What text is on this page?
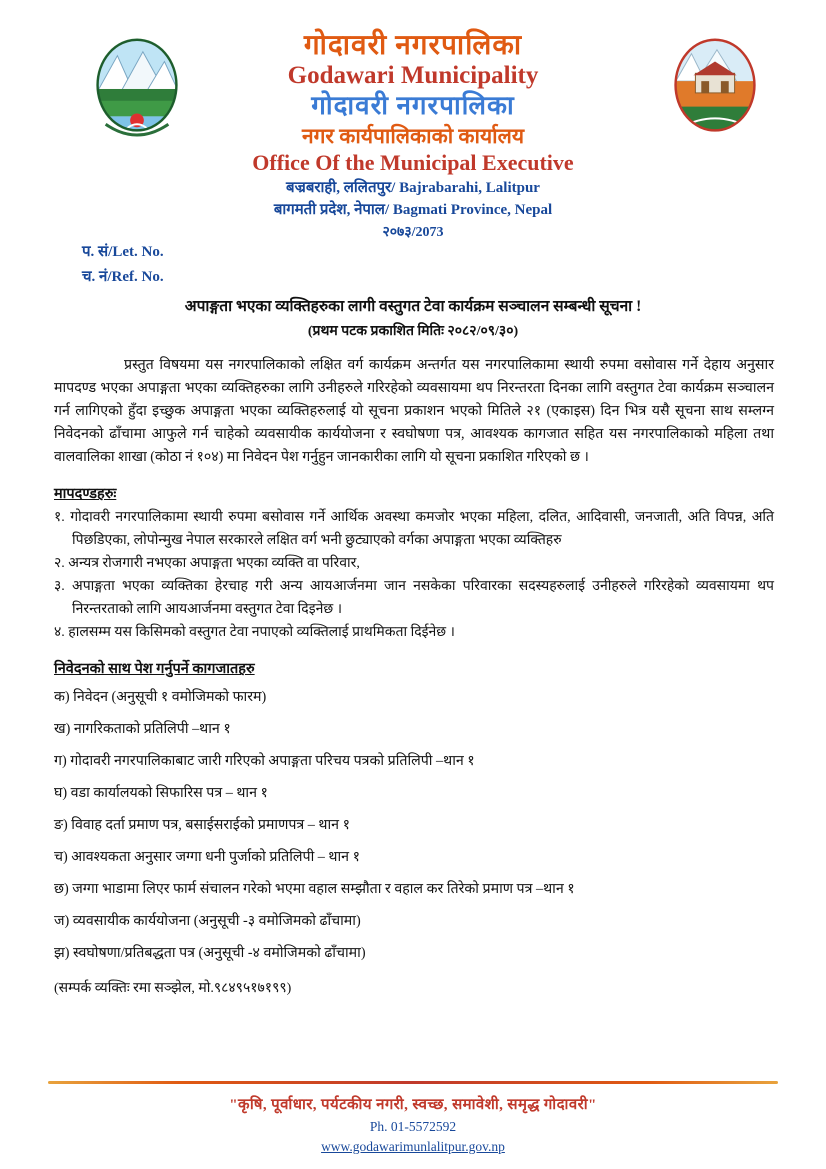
गोदावरी नगरपालिका
Godawari Municipality
गोदावरी नगरपालिका
नगर कार्यपालिकाको कार्यालय
Office Of the Municipal Executive
बज्रबराही, ललितपुर/ Bajrabarahi, Lalitpur
बागमती प्रदेश, नेपाल/ Bagmati Province, Nepal
२०७३/2073
प. सं/Let. No.
च. नं/Ref. No.
अपाङ्गता भएका व्यक्तिहरुका लागी वस्तुगत टेवा कार्यक्रम सञ्चालन सम्बन्धी सूचना !
(प्रथम पटक प्रकाशित मितिः २०८२/०९/३०)
प्रस्तुत विषयमा यस नगरपालिकाको लक्षित वर्ग कार्यक्रम अन्तर्गत यस नगरपालिकामा स्थायी रुपमा वसोवास गर्ने देहाय अनुसार मापदण्ड भएका अपाङ्गता भएका व्यक्तिहरुका लागि उनीहरुले गरिरहेको व्यवसायमा थप निरन्तरता दिनका लागि वस्तुगत टेवा कार्यक्रम सञ्चालन गर्न लागिएको हुँदा इच्छुक अपाङ्गता भएका व्यक्तिहरुलाई यो सूचना प्रकाशन भएको मितिले २१ (एकाइस) दिन भित्र यसै सूचना साथ सम्लग्न निवेदनको ढाँचामा आफुले गर्न चाहेको व्यवसायीक कार्ययोजना र स्वघोषणा पत्र, आवश्यक कागजात सहित यस नगरपालिकाको महिला तथा वालवालिका शाखा (कोठा नं १०४) मा निवेदन पेश गर्नुहुन जानकारीका लागि यो सूचना प्रकाशित गरिएको छ ।
मापदण्डहरुः
१. गोदावरी नगरपालिकामा स्थायी रुपमा बसोवास गर्ने आर्थिक अवस्था कमजोर भएका महिला, दलित, आदिवासी, जनजाती, अति विपन्न, अति पिछडिएका, लोपोन्मुख नेपाल सरकारले लक्षित वर्ग भनी छुट्याएको वर्गका अपाङ्गता भएका व्यक्तिहरु
२. अन्यत्र रोजगारी नभएका अपाङ्गता भएका व्यक्ति वा परिवार,
३. अपाङ्गता भएका व्यक्तिका हेरचाह गरी अन्य आयआर्जनमा जान नसकेका परिवारका सदस्यहरुलाई उनीहरुले गरिरहेको व्यवसायमा थप निरन्तरताको लागि आयआर्जनमा वस्तुगत टेवा दिइनेछ ।
४. हालसम्म यस किसिमको वस्तुगत टेवा नपाएको व्यक्तिलाई प्राथमिकता दिईनेछ ।
निवेदनको साथ पेश गर्नुपर्ने कागजातहरु
क) निवेदन (अनुसूची १ वमोजिमको फारम)
ख) नागरिकताको प्रतिलिपी –थान १
ग) गोदावरी नगरपालिकाबाट जारी गरिएको अपाङ्गता परिचय पत्रको प्रतिलिपी –थान १
घ) वडा कार्यालयको सिफारिस पत्र – थान १
ङ) विवाह दर्ता प्रमाण पत्र, बसाईसराईको प्रमाणपत्र – थान १
च) आवश्यकता अनुसार जग्गा धनी पुर्जाको प्रतिलिपी – थान १
छ) जग्गा भाडामा लिएर फार्म संचालन गरेको भएमा वहाल सम्झौता र वहाल कर तिरेको प्रमाण पत्र –थान १
ज) व्यवसायीक कार्ययोजना (अनुसूची -३ वमोजिमको ढाँचामा)
झ) स्वघोषणा/प्रतिबद्धता पत्र (अनुसूची -४ वमोजिमको ढाँचामा)
(सम्पर्क व्यक्तिः रमा सञ्झेल, मो.९८४९५१७१९९)
"कृषि, पूर्वाधार, पर्यटकीय नगरी, स्वच्छ, समावेशी, समृद्ध गोदावरी"
Ph. 01-5572592
www.godawarimunlalitpur.gov.np
